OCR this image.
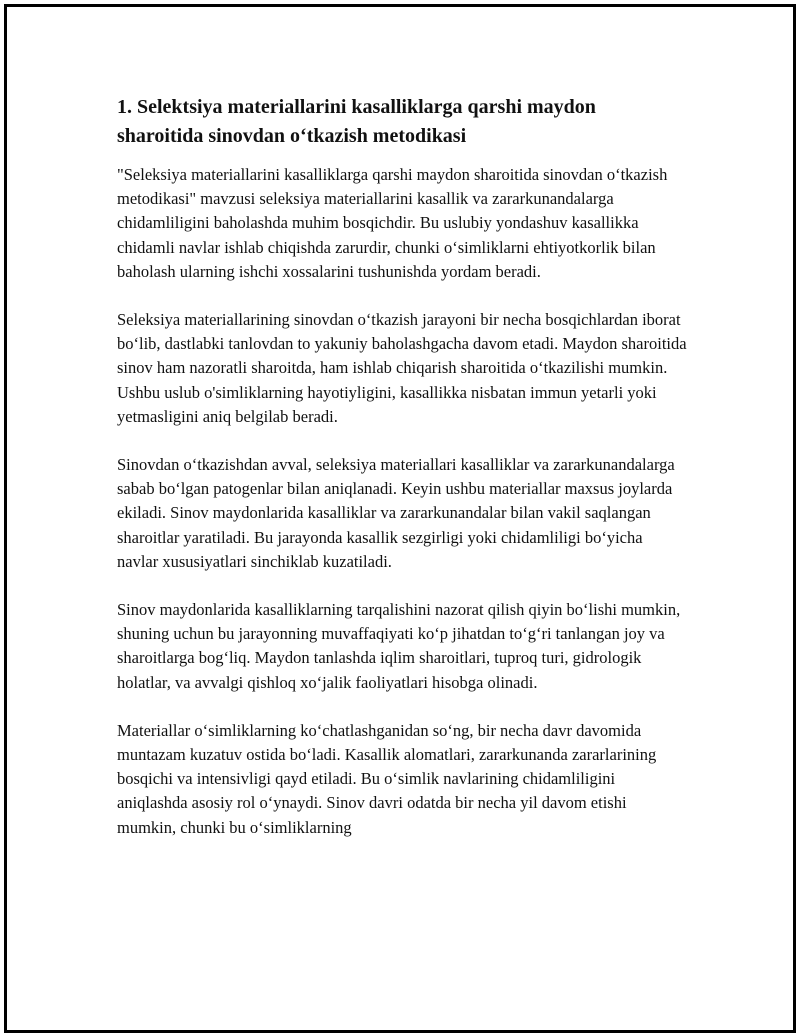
1. Selektsiya materiallarini kasalliklarga qarshi maydon sharoitida sinovdan o‘tkazish metodikasi

"Seleksiya materiallarini kasalliklarga qarshi maydon sharoitida sinovdan o‘tkazish metodikasi" mavzusi seleksiya materiallarini kasallik va zararkunandalarga chidamliligini baholashda muhim bosqichdir. Bu uslubiy yondashuv kasallikka chidamli navlar ishlab chiqishda zarurdir, chunki o‘simliklarni ehtiyotkorlik bilan baholash ularning ishchi xossalarini tushunishda yordam beradi.

Seleksiya materiallarining sinovdan o‘tkazish jarayoni bir necha bosqichlardan iborat bo‘lib, dastlabki tanlovdan to yakuniy baholashgacha davom etadi. Maydon sharoitida sinov ham nazoratli sharoitda, ham ishlab chiqarish sharoitida o‘tkazilishi mumkin. Ushbu uslub o'simliklarning hayotiyligini, kasallikka nisbatan immun yetarli yoki yetmasligini aniq belgilab beradi.

Sinovdan o‘tkazishdan avval, seleksiya materiallari kasalliklar va zararkunandalarga sabab bo‘lgan patogenlar bilan aniqlanadi. Keyin ushbu materiallar maxsus joylarda ekiladi. Sinov maydonlarida kasalliklar va zararkunandalar bilan vakil saqlangan sharoitlar yaratiladi. Bu jarayonda kasallik sezgirligi yoki chidamliligi bo‘yicha navlar xususiyatlari sinchiklab kuzatiladi.

Sinov maydonlarida kasalliklarning tarqalishini nazorat qilish qiyin bo‘lishi mumkin, shuning uchun bu jarayonning muvaffaqiyati ko‘p jihatdan to‘g‘ri tanlangan joy va sharoitlarga bog‘liq. Maydon tanlashda iqlim sharoitlari, tuproq turi, gidrologik holatlar, va avvalgi qishloq xo‘jalik faoliyatlari hisobga olinadi.

Materiallar o‘simliklarning ko‘chatlashganidan so‘ng, bir necha davr davomida muntazam kuzatuv ostida bo‘ladi. Kasallik alomatlari, zararkunanda zararlarining bosqichi va intensivligi qayd etiladi. Bu o‘simlik navlarining chidamliligini aniqlashda asosiy rol o‘ynaydi. Sinov davri odatda bir necha yil davom etishi mumkin, chunki bu o‘simliklarning
